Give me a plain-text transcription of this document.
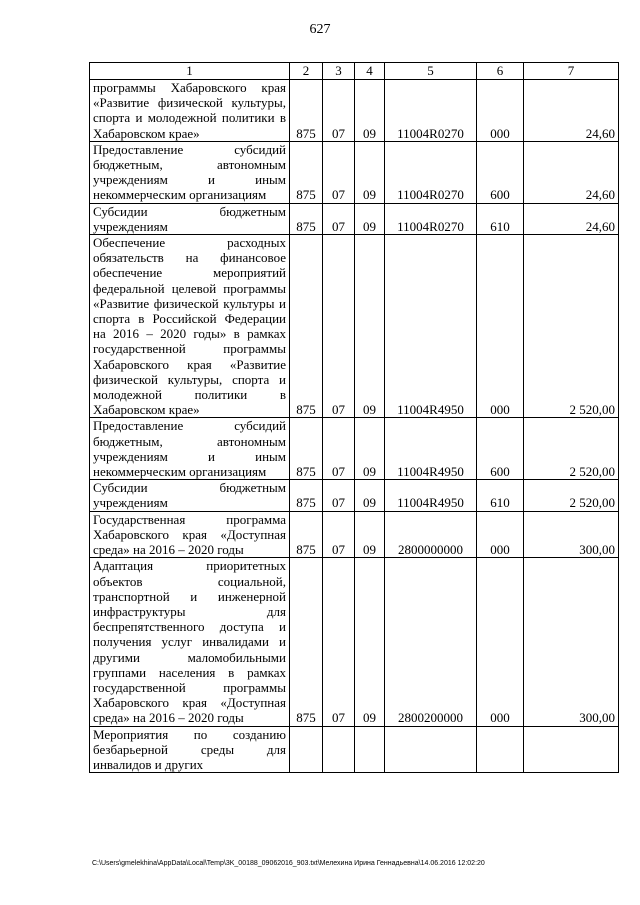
627
1	2	3	4	5	6	7
программы Хабаровского края «Развитие физической культуры, спорта и молодежной политики в Хабаровском крае»	875	07	09	11004R0270	000	24,60
Предоставление субсидий бюджетным, автономным учреждениям и иным некоммерческим организациям	875	07	09	11004R0270	600	24,60
Субсидии бюджетным учреждениям	875	07	09	11004R0270	610	24,60
Обеспечение расходных обязательств на финансовое обеспечение мероприятий федеральной целевой программы «Развитие физической культуры и спорта в Российской Федерации на 2016 – 2020 годы» в рамках государственной программы Хабаровского края «Развитие физической культуры, спорта и молодежной политики в Хабаровском крае»	875	07	09	11004R4950	000	2 520,00
Предоставление субсидий бюджетным, автономным учреждениям и иным некоммерческим организациям	875	07	09	11004R4950	600	2 520,00
Субсидии бюджетным учреждениям	875	07	09	11004R4950	610	2 520,00
Государственная программа Хабаровского края «Доступная среда» на 2016 – 2020 годы	875	07	09	2800000000	000	300,00
Адаптация приоритетных объектов социальной, транспортной и инженерной инфраструктуры для беспрепятственного доступа и получения услуг инвалидами и другими маломобильными группами населения в рамках государственной программы Хабаровского края «Доступная среда» на 2016 – 2020 годы	875	07	09	2800200000	000	300,00
Мероприятия по созданию безбарьерной среды для инвалидов и других						
C:\Users\gmelekhina\AppData\Local\Temp\3K_00188_09062016_903.txt\Мелехина Ирина Геннадьевна\14.06.2016 12:02:20
